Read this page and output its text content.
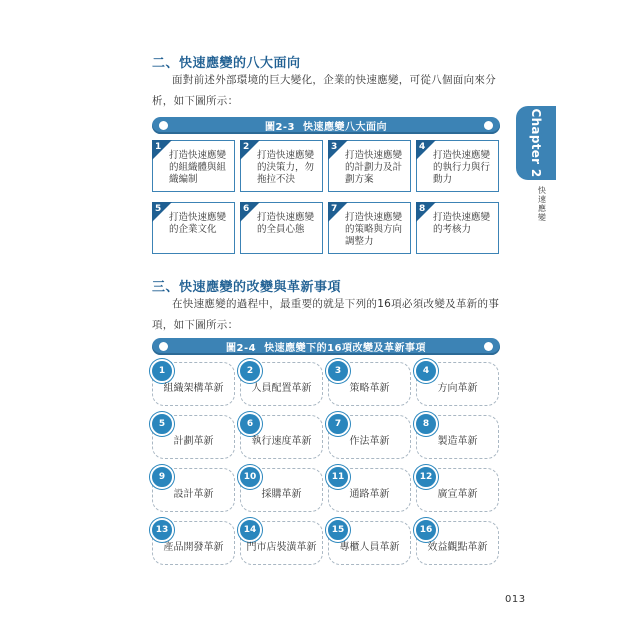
二、快速應變的八大面向
面對前述外部環境的巨大變化，企業的快速應變，可從八個面向來分析，如下圖所示：
圖2-3 快速應變八大面向
1
打造快速應變的組織體與組織編制
2
打造快速應變的決策力，勿拖拉不決
3
打造快速應變的計劃力及計劃方案
4
打造快速應變的執行力與行動力
5
打造快速應變的企業文化
6
打造快速應變的全員心態
7
打造快速應變的策略與方向調整力
8
打造快速應變的考核力
三、快速應變的改變與革新事項
在快速應變的過程中，最重要的就是下列的16項必須改變及革新的事項，如下圖所示：
圖2-4 快速應變下的16項改變及革新事項
1
組織架構革新
2
人員配置革新
3
策略革新
4
方向革新
5
計劃革新
6
執行速度革新
7
作法革新
8
製造革新
9
設計革新
10
採購革新
11
通路革新
12
廣宣革新
13
產品開發革新
14
門市店裝潢革新
15
專櫃人員革新
16
效益觀點革新
Chapter 2
快速應變
013
